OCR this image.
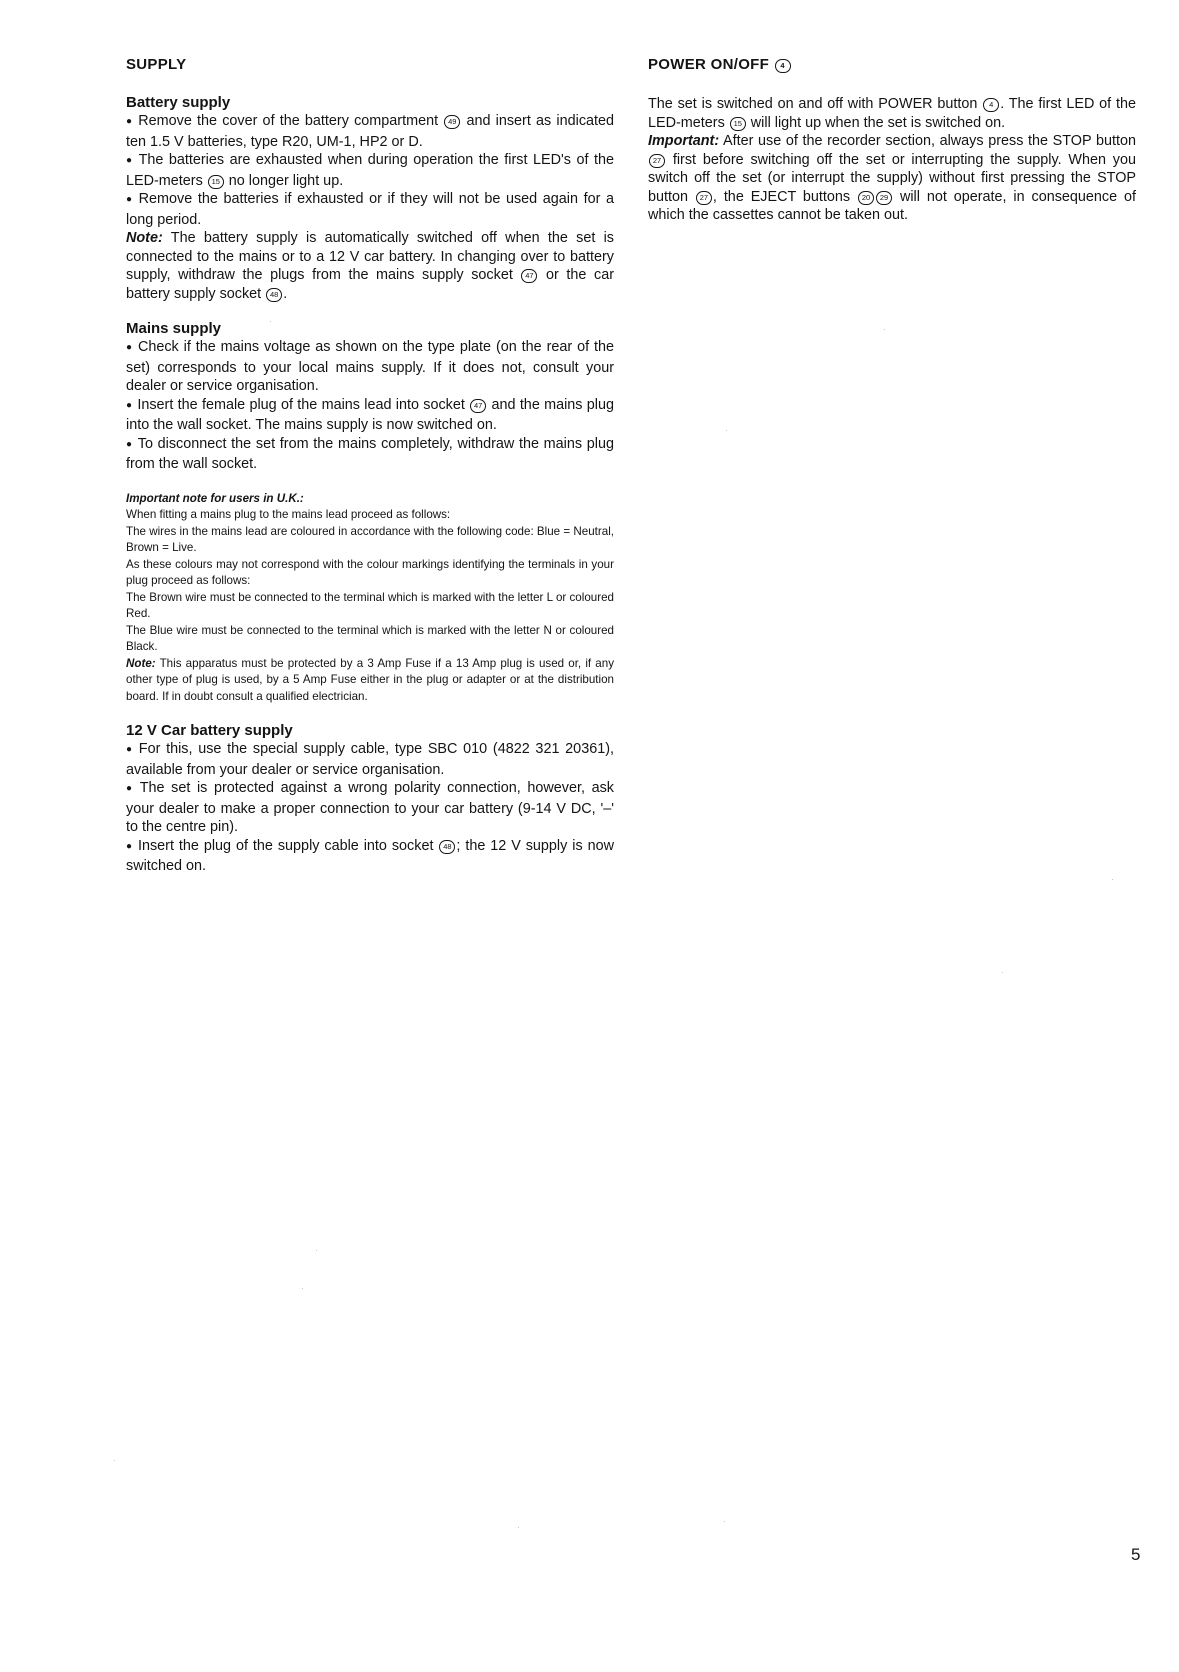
SUPPLY
Battery supply

● Remove the cover of the battery compartment 49 and insert as indicated ten 1.5 V batteries, type R20, UM-1, HP2 or D.

● The batteries are exhausted when during operation the first LED's of the LED-meters 15 no longer light up.

● Remove the batteries if exhausted or if they will not be used again for a long period.

Note: The battery supply is automatically switched off when the set is connected to the mains or to a 12 V car battery. In changing over to battery supply, withdraw the plugs from the mains supply socket 47 or the car battery supply socket 48 .

Mains supply

● Check if the mains voltage as shown on the type plate (on the rear of the set) corresponds to your local mains supply. If it does not, consult your dealer or service organisation.

● Insert the female plug of the mains lead into socket 47 and the mains plug into the wall socket. The mains supply is now switched on.

● To disconnect the set from the mains completely, withdraw the mains plug from the wall socket.

Important note for users in U.K.:

When fitting a mains plug to the mains lead proceed as follows:

The wires in the mains lead are coloured in accordance with the following code: Blue = Neutral, Brown = Live.

As these colours may not correspond with the colour markings identifying the terminals in your plug proceed as follows:

The Brown wire must be connected to the terminal which is marked with the letter L or coloured Red.

The Blue wire must be connected to the terminal which is marked with the letter N or coloured Black.

Note: This apparatus must be protected by a 3 Amp Fuse if a 13 Amp plug is used or, if any other type of plug is used, by a 5 Amp Fuse either in the plug or adapter or at the distribution board. If in doubt consult a qualified electrician.

12 V Car battery supply

● For this, use the special supply cable, type SBC 010 (4822 321 20361), available from your dealer or service organisation.

● The set is protected against a wrong polarity connection, however, ask your dealer to make a proper connection to your car battery (9-14 V DC, '–' to the centre pin).

● Insert the plug of the supply cable into socket 48 ; the 12 V supply is now switched on.

POWER ON/OFF 4

The set is switched on and off with POWER button 4 . The first LED of the LED-meters 15 will light up when the set is switched on.

Important: After use of the recorder section, always press the STOP button 27 first before switching off the set or interrupting the supply. When you switch off the set (or interrupt the supply) without first pressing the STOP button 27 , the EJECT buttons 20 29 will not operate, in consequence of which the cassettes cannot be taken out.

5
